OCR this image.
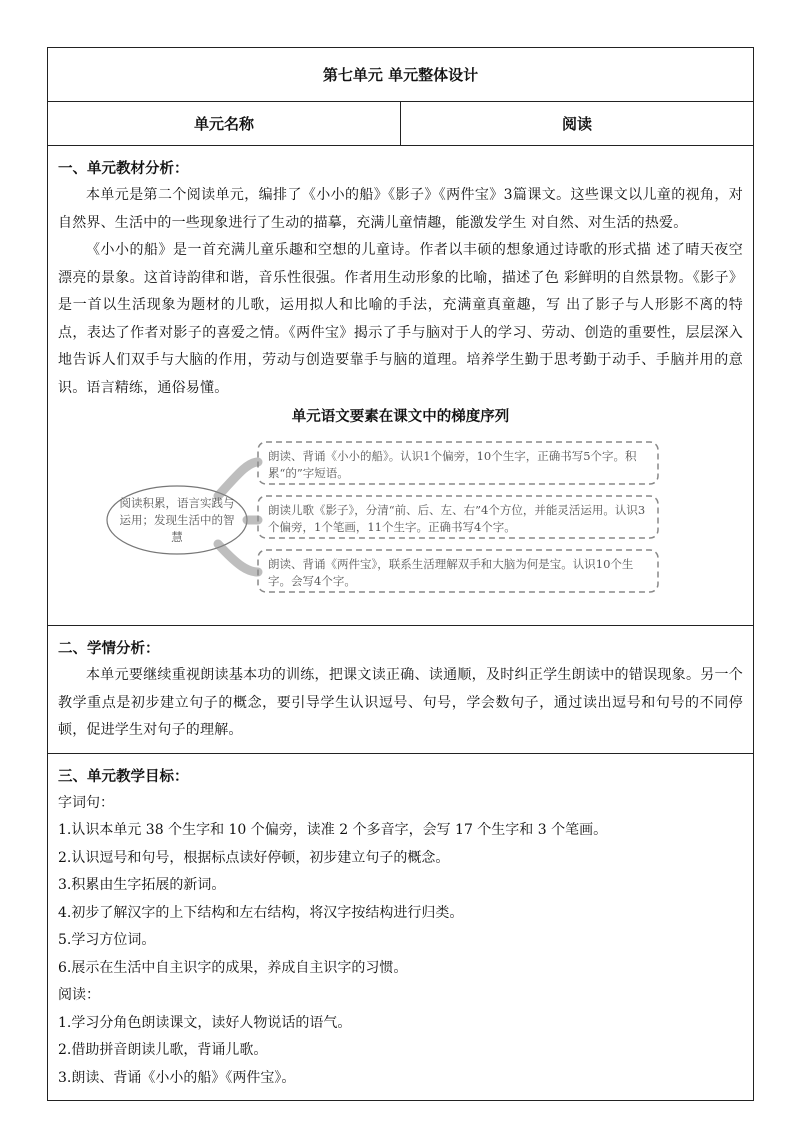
第七单元 单元整体设计
单元名称	阅读

一、单元教材分析：

本单元是第二个阅读单元，编排了《小小的船》《影子》《两件宝》3篇课文。这些课文以儿童的视角，对自然界、生活中的一些现象进行了生动的描摹，充满儿童情趣，能激发学生 对自然、对生活的热爱。

《小小的船》是一首充满儿童乐趣和空想的儿童诗。作者以丰硕的想象通过诗歌的形式描 述了晴天夜空漂亮的景象。这首诗韵律和谐，音乐性很强。作者用生动形象的比喻，描述了色 彩鲜明的自然景物。《影子》是一首以生活现象为题材的儿歌，运用拟人和比喻的手法，充满童真童趣，写 出了影子与人形影不离的特点，表达了作者对影子的喜爱之情。《两件宝》揭示了手与脑对于人的学习、劳动、创造的重要性，层层深入地告诉人们双手与大脑的作用，劳动与创造要靠手与脑的道理。培养学生勤于思考勤于动手、手脑并用的意识。语言精练，通俗易懂。

单元语文要素在课文中的梯度序列
阅读积累，语言实践与运用；发现生活中的智慧
朗读、背诵《小小的船》。认识1个偏旁，10个生字，正确书写5个字。积累“的”字短语。
朗读儿歌《影子》，分清“前、后、左、右”4个方位，并能灵活运用。认识3个偏旁，1个笔画，11个生字。正确书写4个字。
朗读、背诵《两件宝》，联系生活理解双手和大脑为何是宝。认识10个生字。会写4个字。

二、学情分析：

本单元要继续重视朗读基本功的训练，把课文读正确、读通顺，及时纠正学生朗读中的错误现象。另一个教学重点是初步建立句子的概念，要引导学生认识逗号、句号，学会数句子，通过读出逗号和句号的不同停顿，促进学生对句子的理解。

三、单元教学目标：
字词句：
1.认识本单元 38 个生字和 10 个偏旁，读准 2 个多音字，会写 17 个生字和 3 个笔画。
2.认识逗号和句号，根据标点读好停顿，初步建立句子的概念。
3.积累由生字拓展的新词。
4.初步了解汉字的上下结构和左右结构，将汉字按结构进行归类。
5.学习方位词。
6.展示在生活中自主识字的成果，养成自主识字的习惯。
阅读：
1.学习分角色朗读课文，读好人物说话的语气。
2.借助拼音朗读儿歌，背诵儿歌。
3.朗读、背诵《小小的船》《两件宝》。
